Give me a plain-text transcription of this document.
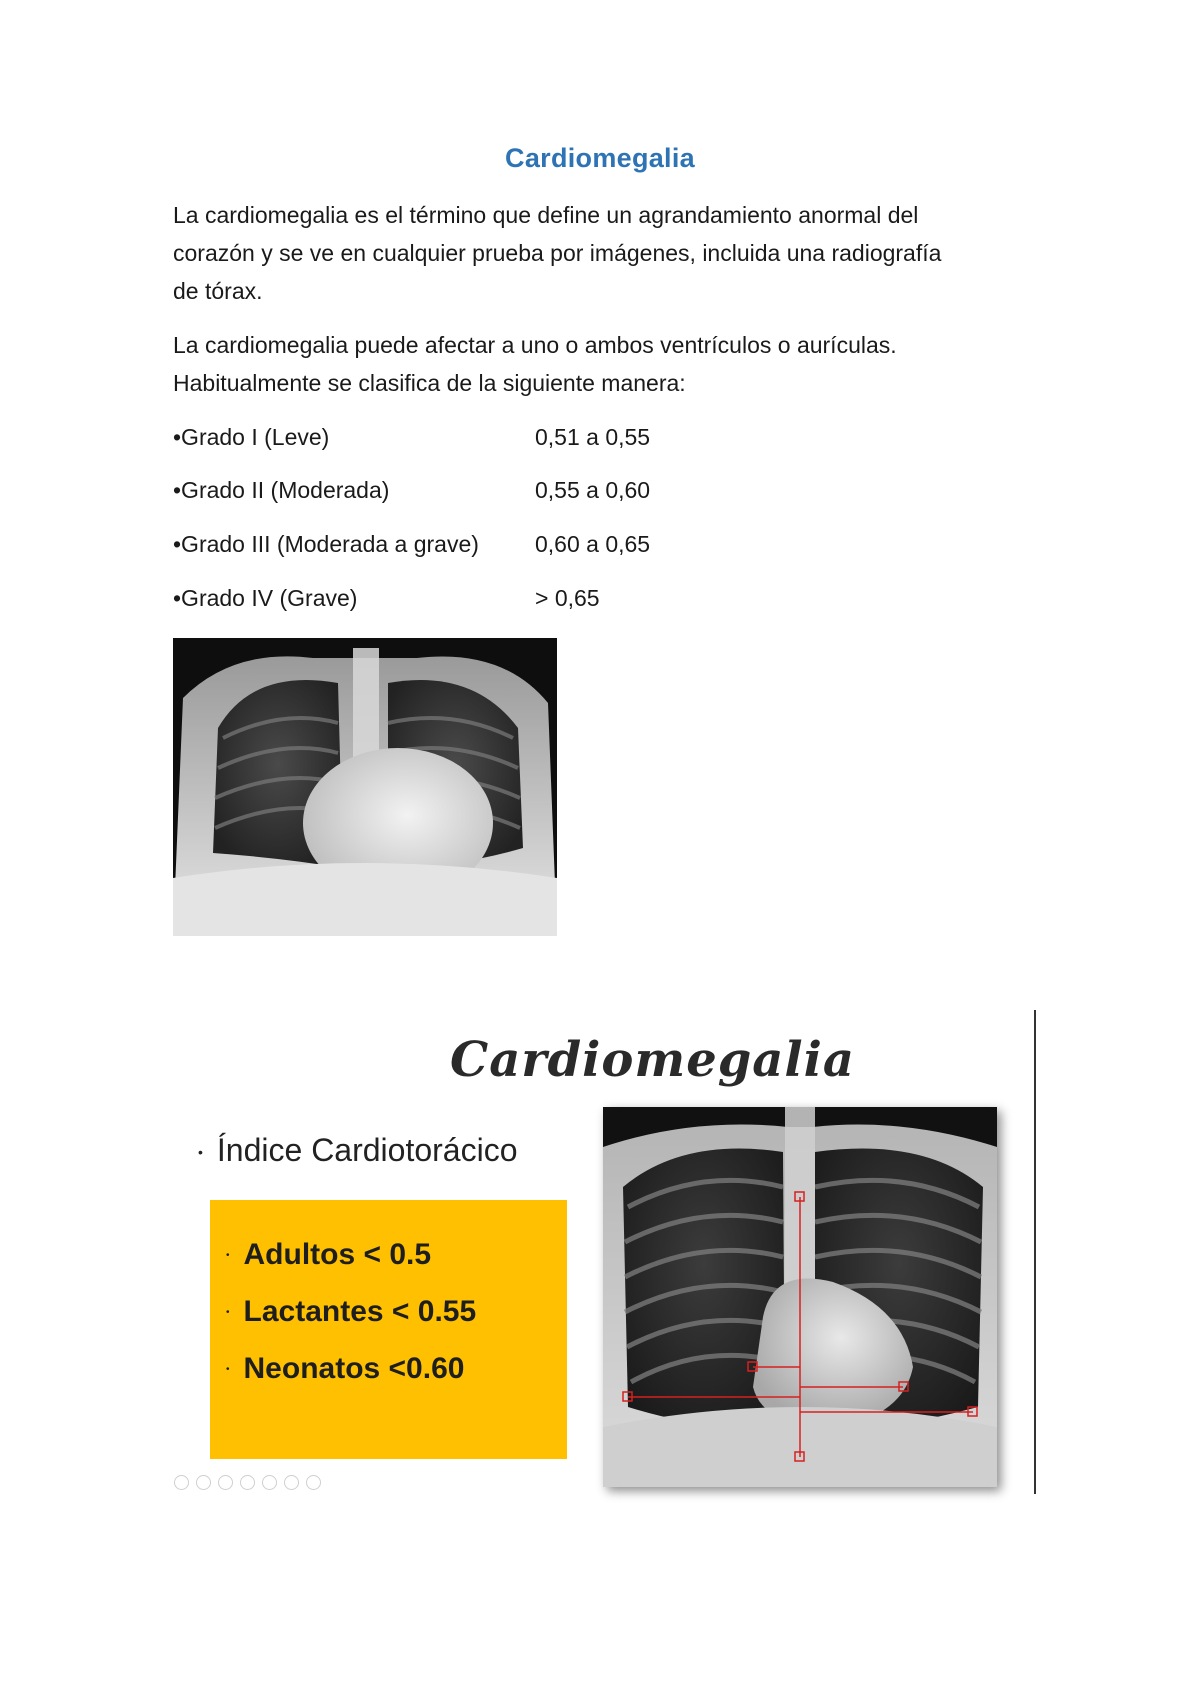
Cardiomegalia
La cardiomegalia es el término que define un agrandamiento anormal del
corazón y se ve en cualquier prueba por imágenes, incluida una radiografía
de tórax.
La cardiomegalia puede afectar a uno o ambos ventrículos o aurículas.
Habitualmente se clasifica de la siguiente manera:
•Grado I (Leve)	0,51 a 0,55
•Grado II (Moderada)	0,55 a 0,60
•Grado III (Moderada a grave) 0,60 a 0,65
•Grado IV (Grave)	> 0,65
Cardiomegalia
• Índice Cardiotorácico
• Adultos < 0.5
• Lactantes < 0.55
• Neonatos <0.60
